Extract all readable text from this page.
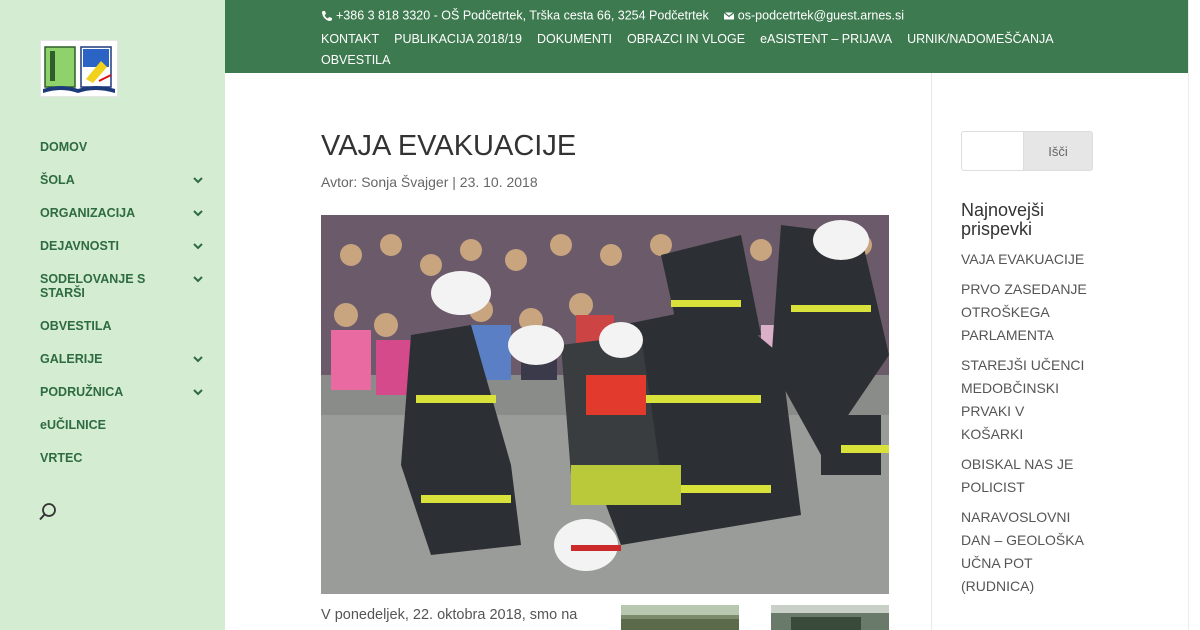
DOMOV
ŠOLA
ORGANIZACIJA
DEJAVNOSTI
SODELOVANJE S STARŠI
OBVESTILA
GALERIJE
PODRUŽNICA
eUČILNICE
VRTEC
+386 3 818 3320 - OŠ Podčetrtek, Trška cesta 66, 3254 Podčetrtek os-podcetrtek@guest.arnes.si
KONTAKT PUBLIKACIJA 2018/19 DOKUMENTI OBRAZCI IN VLOGE eASISTENT – PRIJAVA URNIK/NADOMEŠČANJAOBVESTILA
VAJA EVAKUACIJE
Avtor: Sonja Švajger | 23. 10. 2018
V ponedeljek, 22. oktobra 2018, smo na
Išči
Najnovejši prispevki
VAJA EVAKUACIJE
PRVO ZASEDANJE OTROŠKEGA PARLAMENTA
STAREJŠI UČENCI MEDOBČINSKI PRVAKI V KOŠARKI
OBISKAL NAS JE POLICIST
NARAVOSLOVNI DAN – GEOLOŠKA UČNA POT (RUDNICA)
